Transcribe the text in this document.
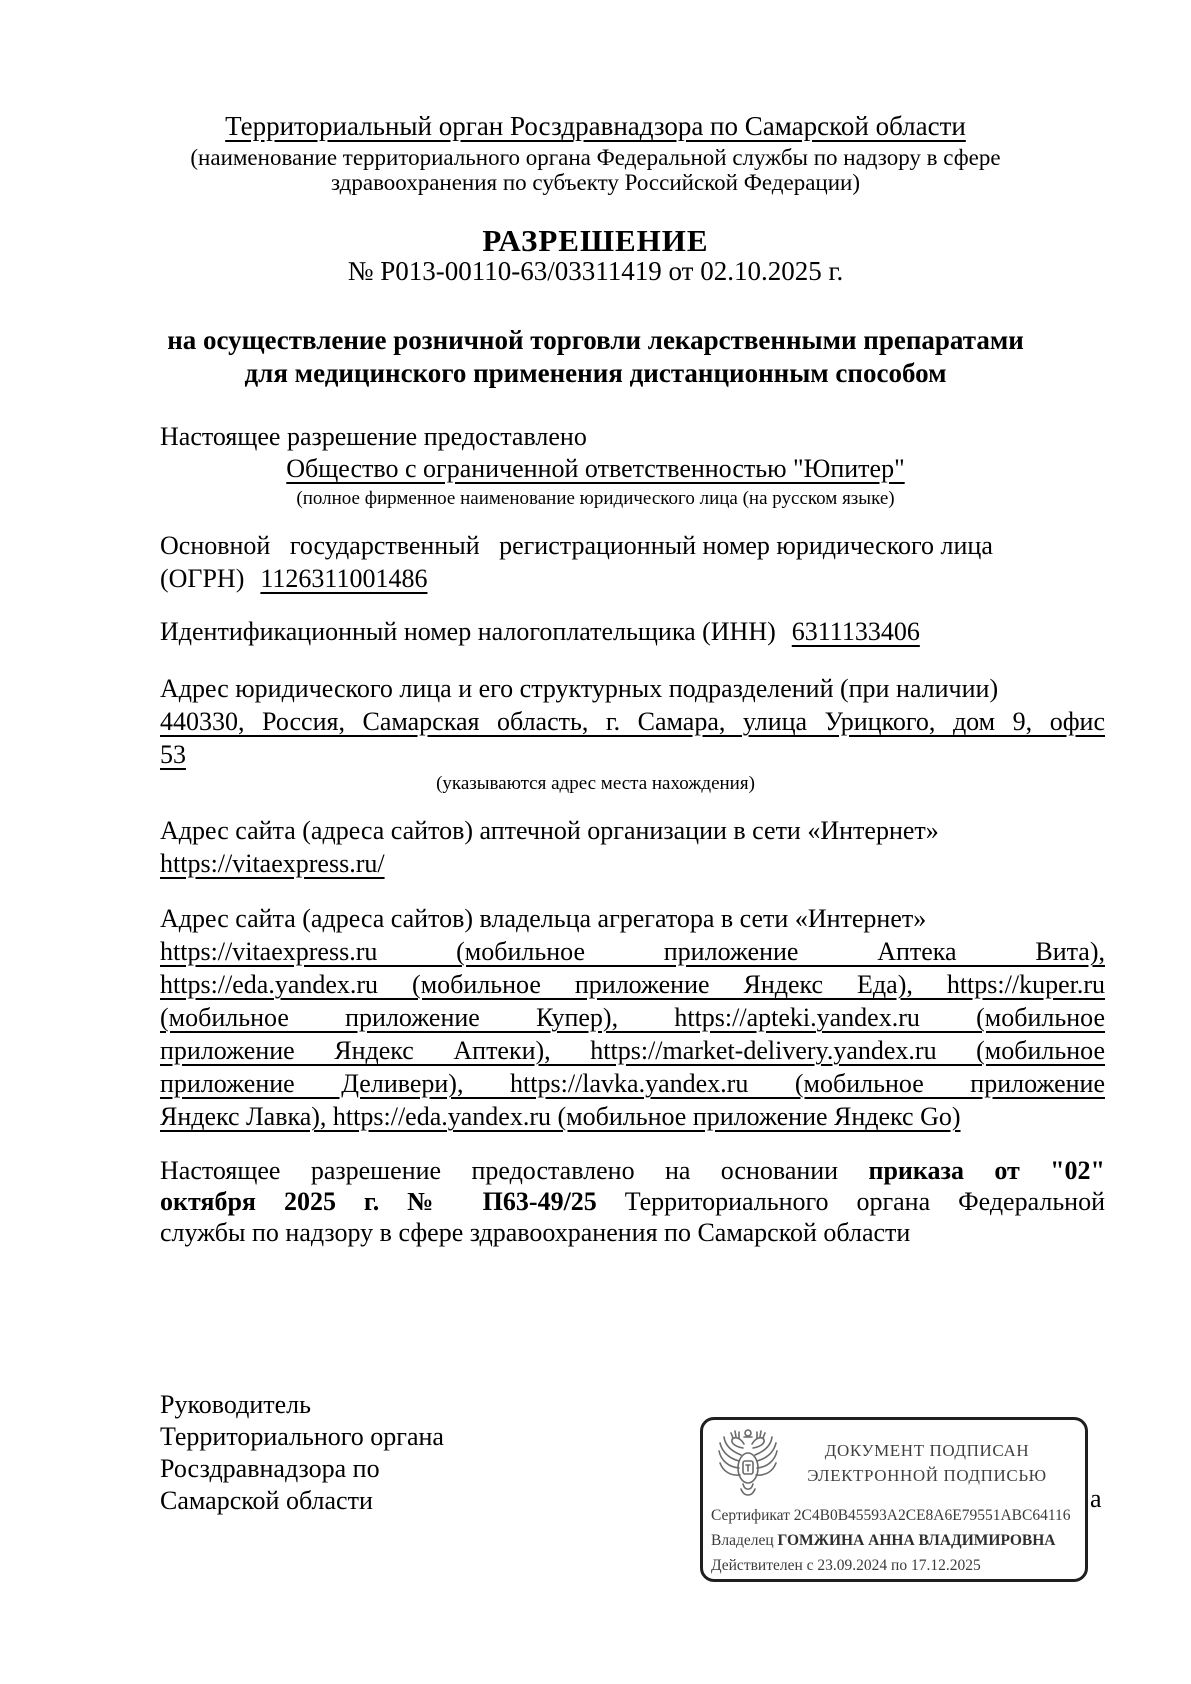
Территориальный орган Росздравнадзора по Самарской области
(наименование территориального органа Федеральной службы по надзору в сфере
здравоохранения по субъекту Российской Федерации)
РАЗРЕШЕНИЕ
№ Р013-00110-63/03311419 от 02.10.2025 г.
на осуществление розничной торговли лекарственными препаратами
для медицинского применения дистанционным способом
Настоящее разрешение предоставлено
Общество с ограниченной ответственностью "Юпитер"
(полное фирменное наименование юридического лица (на русском языке)
Основной   государственный   регистрационный номер юридического лица
(ОГРН) 1126311001486
Идентификационный номер налогоплательщика (ИНН) 6311133406
Адрес юридического лица и его структурных подразделений (при наличии)
440330, Россия, Самарская область, г. Самара, улица Урицкого, дом 9, офис
53
(указываются адрес места нахождения)
Адрес сайта (адреса сайтов) аптечной организации в сети «Интернет»
https://vitaexpress.ru/
Адрес сайта (адреса сайтов) владельца агрегатора в сети «Интернет»
https://vitaexpress.ru (мобильное приложение Аптека Вита),
https://eda.yandex.ru (мобильное приложение Яндекс Еда), https://kuper.ru
(мобильное приложение Купер), https://apteki.yandex.ru (мобильное
приложение Яндекс Аптеки), https://market-delivery.yandex.ru (мобильное
приложение Деливери), https://lavka.yandex.ru (мобильное приложение
Яндекс Лавка), https://eda.yandex.ru (мобильное приложение Яндекс Go)
Настоящее разрешение предоставлено на основании приказа от "02"
октября 2025 г. № П63-49/25 Территориального органа Федеральной
службы по надзору в сфере здравоохранения по Самарской области
Руководитель
Территориального органа
Росздравнадзора по
Самарской области	а
ДОКУМЕНТ ПОДПИСАН
ЭЛЕКТРОННОЙ ПОДПИСЬЮ
Сертификат 2C4B0B45593A2CE8A6E79551ABC64116
Владелец ГОМЖИНА АННА ВЛАДИМИРОВНА
Действителен с 23.09.2024 по 17.12.2025
